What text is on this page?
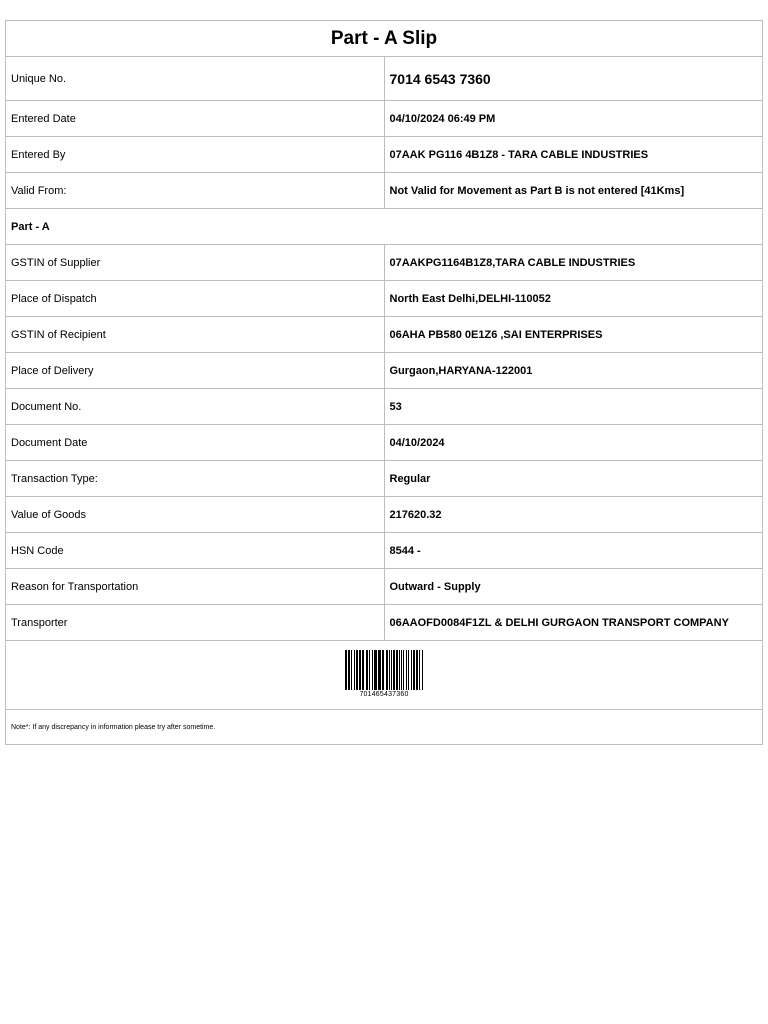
Part - A Slip	
Unique No.	7014 6543 7360
Entered Date	04/10/2024 06:49 PM
Entered By	07AAK PG116 4B1Z8 - TARA CABLE INDUSTRIES
Valid From:	Not Valid for Movement as Part B is not entered [41Kms]
Part - A	
GSTIN of Supplier	07AAKPG1164B1Z8,TARA CABLE INDUSTRIES
Place of Dispatch	North East Delhi,DELHI-110052
GSTIN of Recipient	06AHA PB580 0E1Z6 ,SAI ENTERPRISES
Place of Delivery	Gurgaon,HARYANA-122001
Document No.	53
Document Date	04/10/2024
Transaction Type:	Regular
Value of Goods	217620.32
HSN Code	8544 -
Reason for Transportation	Outward - Supply
Transporter	06AAOFD0084F1ZL & DELHI GURGAON TRANSPORT COMPANY

701465437360	

Note*: If any discrepancy in information please try after sometime.	
